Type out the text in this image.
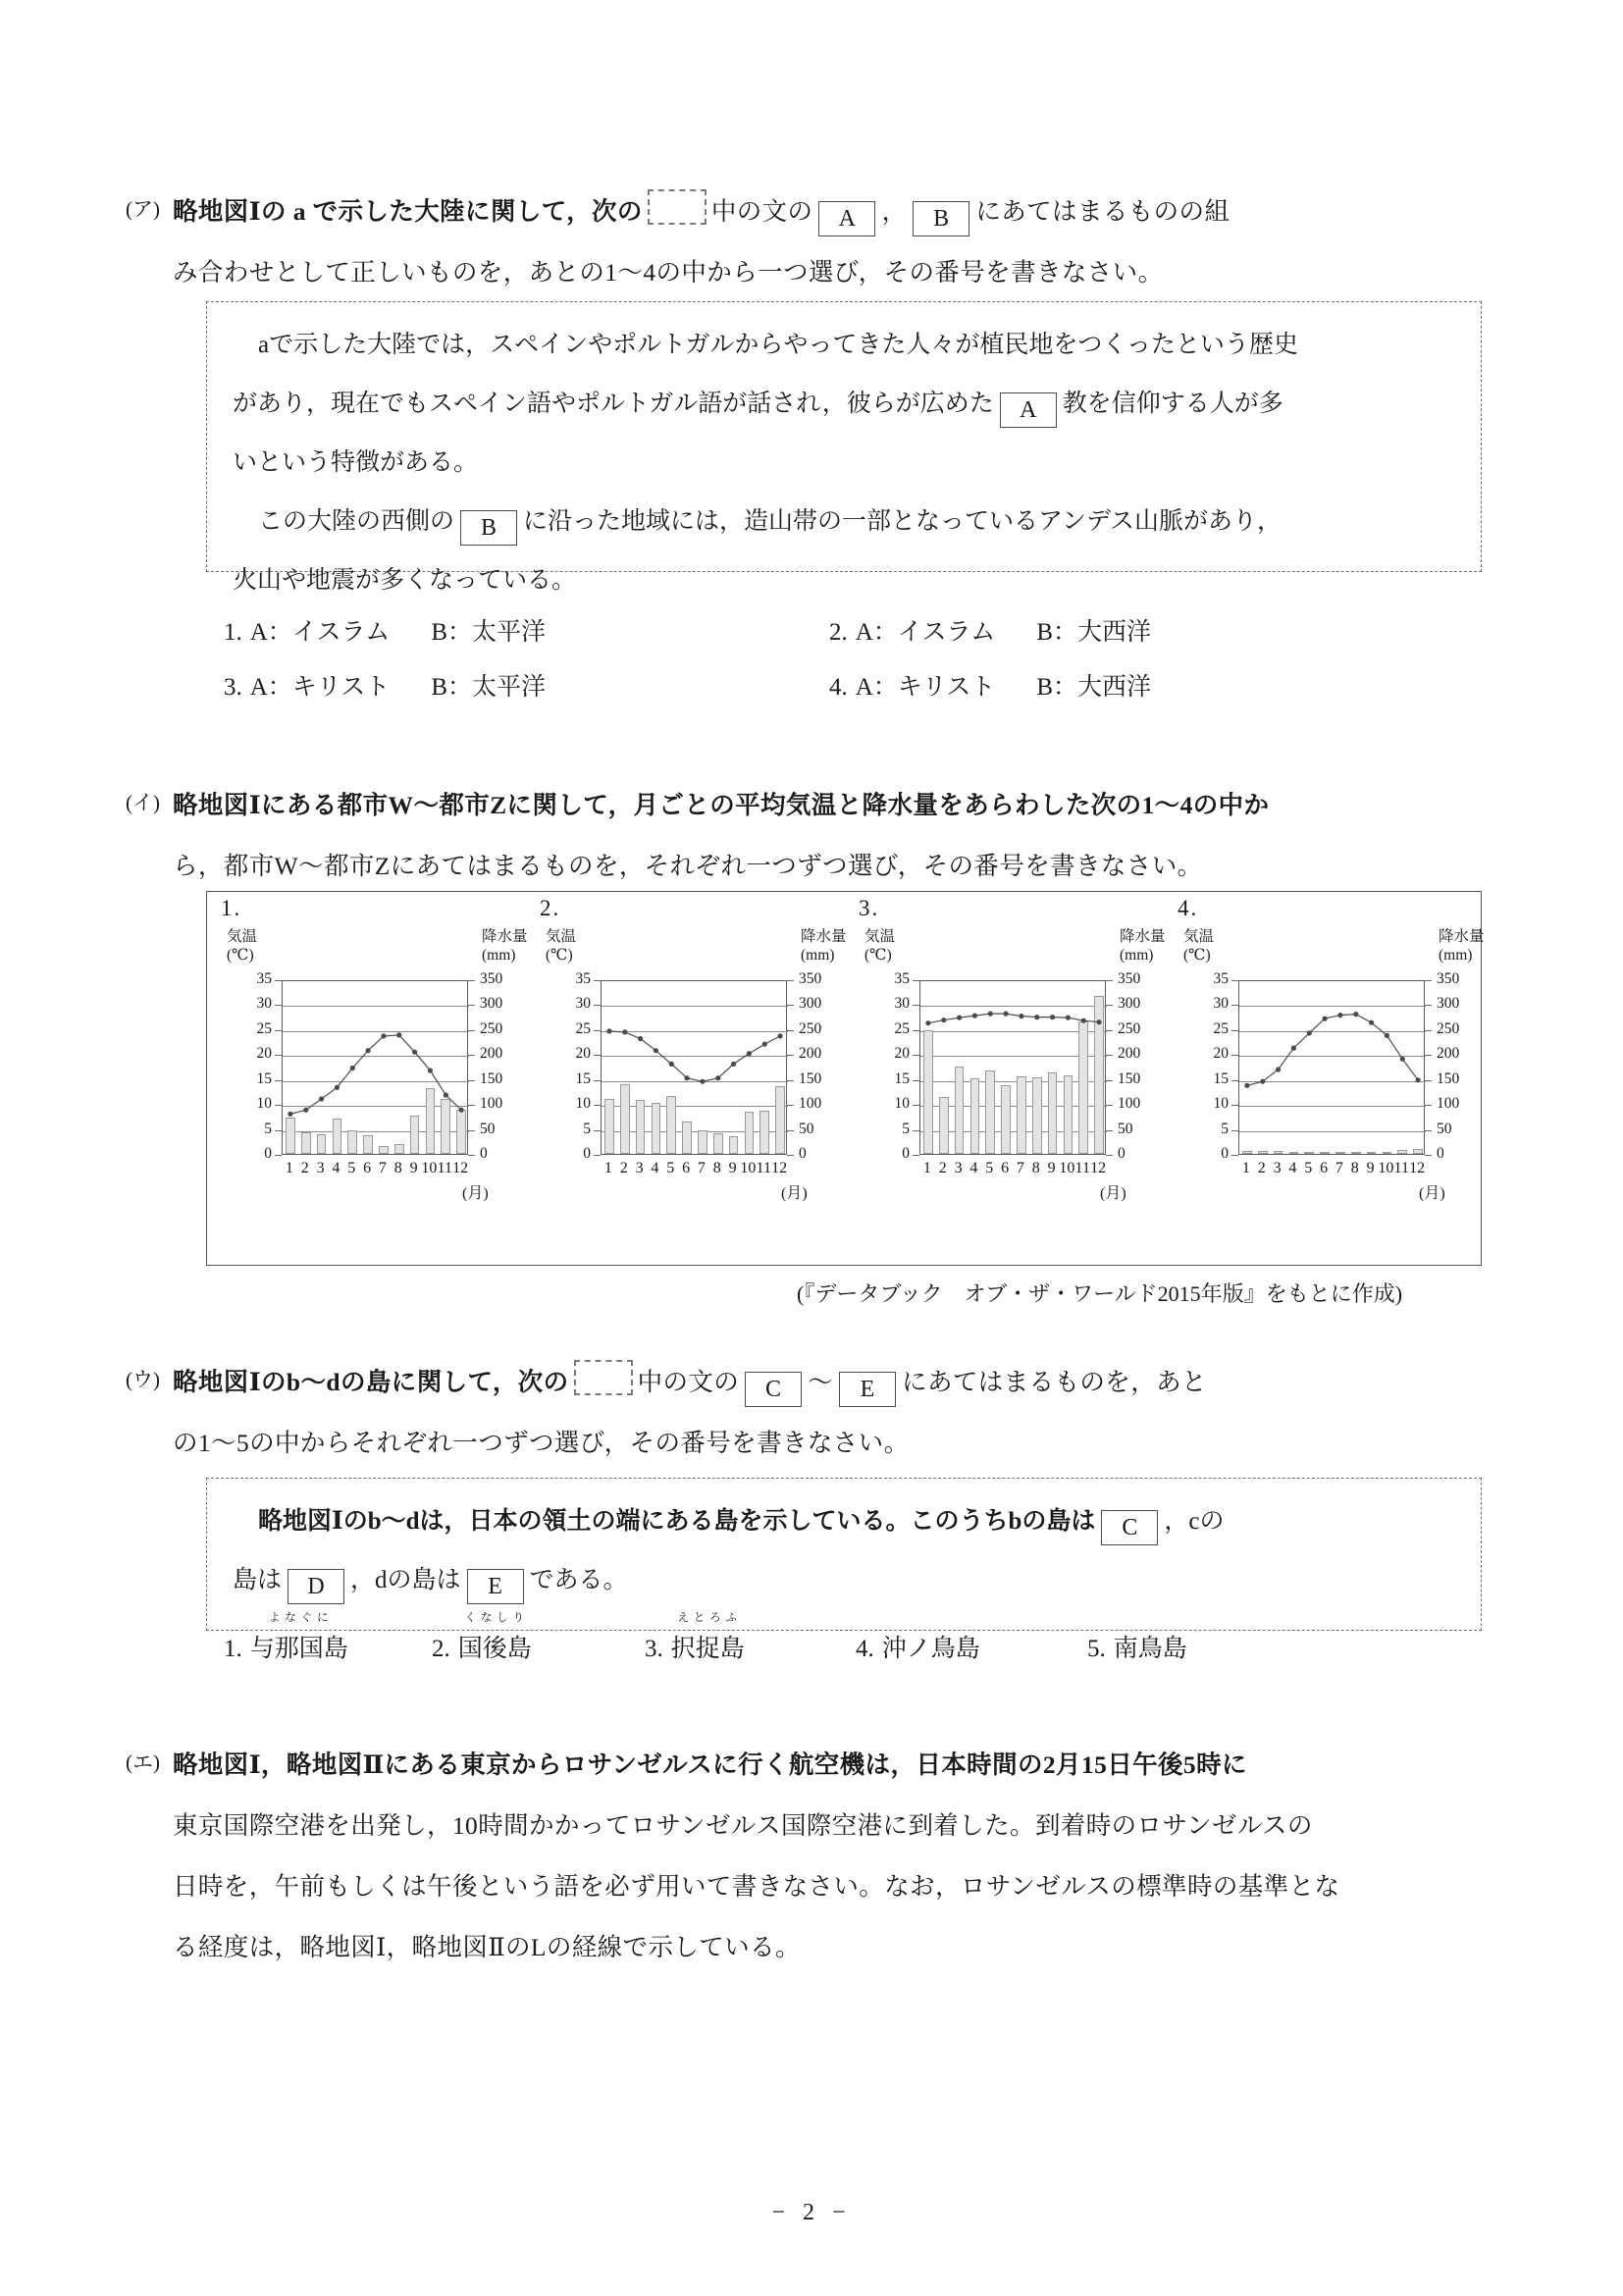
(ア) 略地図Ⅰの a で示した大陸に関して，次の	中の文の A ， B にあてはまるものの組
み合わせとして正しいものを，あとの1～4の中から一つ選び，その番号を書きなさい。
aで示した大陸では，スペインやポルトガルからやってきた人々が植民地をつくったという歴史
があり，現在でもスペイン語やポルトガル語が話され，彼らが広めた A 教を信仰する人が多
いという特徴がある。
この大陸の西側の B に沿った地域には，造山帯の一部となっているアンデス山脈があり，
火山や地震が多くなっている。
1. A：イスラム B：太平洋	2. A：イスラム B：大西洋
3. A：キリスト B：太平洋	4. A：キリスト B：大西洋
(イ) 略地図Ⅰにある都市W～都市Zに関して，月ごとの平均気温と降水量をあらわした次の1～4の中か
ら，都市W～都市Zにあてはまるものを，それぞれ一つずつ選び，その番号を書きなさい。
1.
気温
(℃)
降水量
(mm)
0	0
5	50
10	100
15	150
20	200
25	250
30	300
35	350
1 2 3 4 5 6 7 8 9 10 11 12
(月)
2.
気温
(℃)
降水量
(mm)
0	0
5	50
10	100
15	150
20	200
25	250
30	300
35	350
1 2 3 4 5 6 7 8 9 10 11 12
(月)
3.
気温
(℃)
降水量
(mm)
0	0
5	50
10	100
15	150
20	200
25	250
30	300
35	350
1 2 3 4 5 6 7 8 9 10 11 12
(月)
4.
気温
(℃)
降水量
(mm)
0	0
5	50
10	100
15	150
20	200
25	250
30	300
35	350
1 2 3 4 5 6 7 8 9 10 11 12
(月)
(『データブック　オブ・ザ・ワールド2015年版』をもとに作成)
(ウ) 略地図Ⅰのb～dの島に関して，次の	中の文の C ～ E にあてはまるものを，あと
の1～5の中からそれぞれ一つずつ選び，その番号を書きなさい。
略地図Ⅰのb～dは，日本の領土の端にある島を示している。このうちbの島は C ，cの
島は D ，dの島は E である。
1.
よ な ぐ に
与那国島	2.
く な し り
国後島	3.
え と ろ ふ
択捉島	4. 沖ノ鳥島	5. 南鳥島
(エ) 略地図Ⅰ，略地図Ⅱにある東京からロサンゼルスに行く航空機は，日本時間の2月15日午後5時に
東京国際空港を出発し，10時間かかってロサンゼルス国際空港に到着した。到着時のロサンゼルスの
日時を，午前もしくは午後という語を必ず用いて書きなさい。なお，ロサンゼルスの標準時の基準とな
る経度は，略地図Ⅰ，略地図ⅡのLの経線で示している。
− 2 −
